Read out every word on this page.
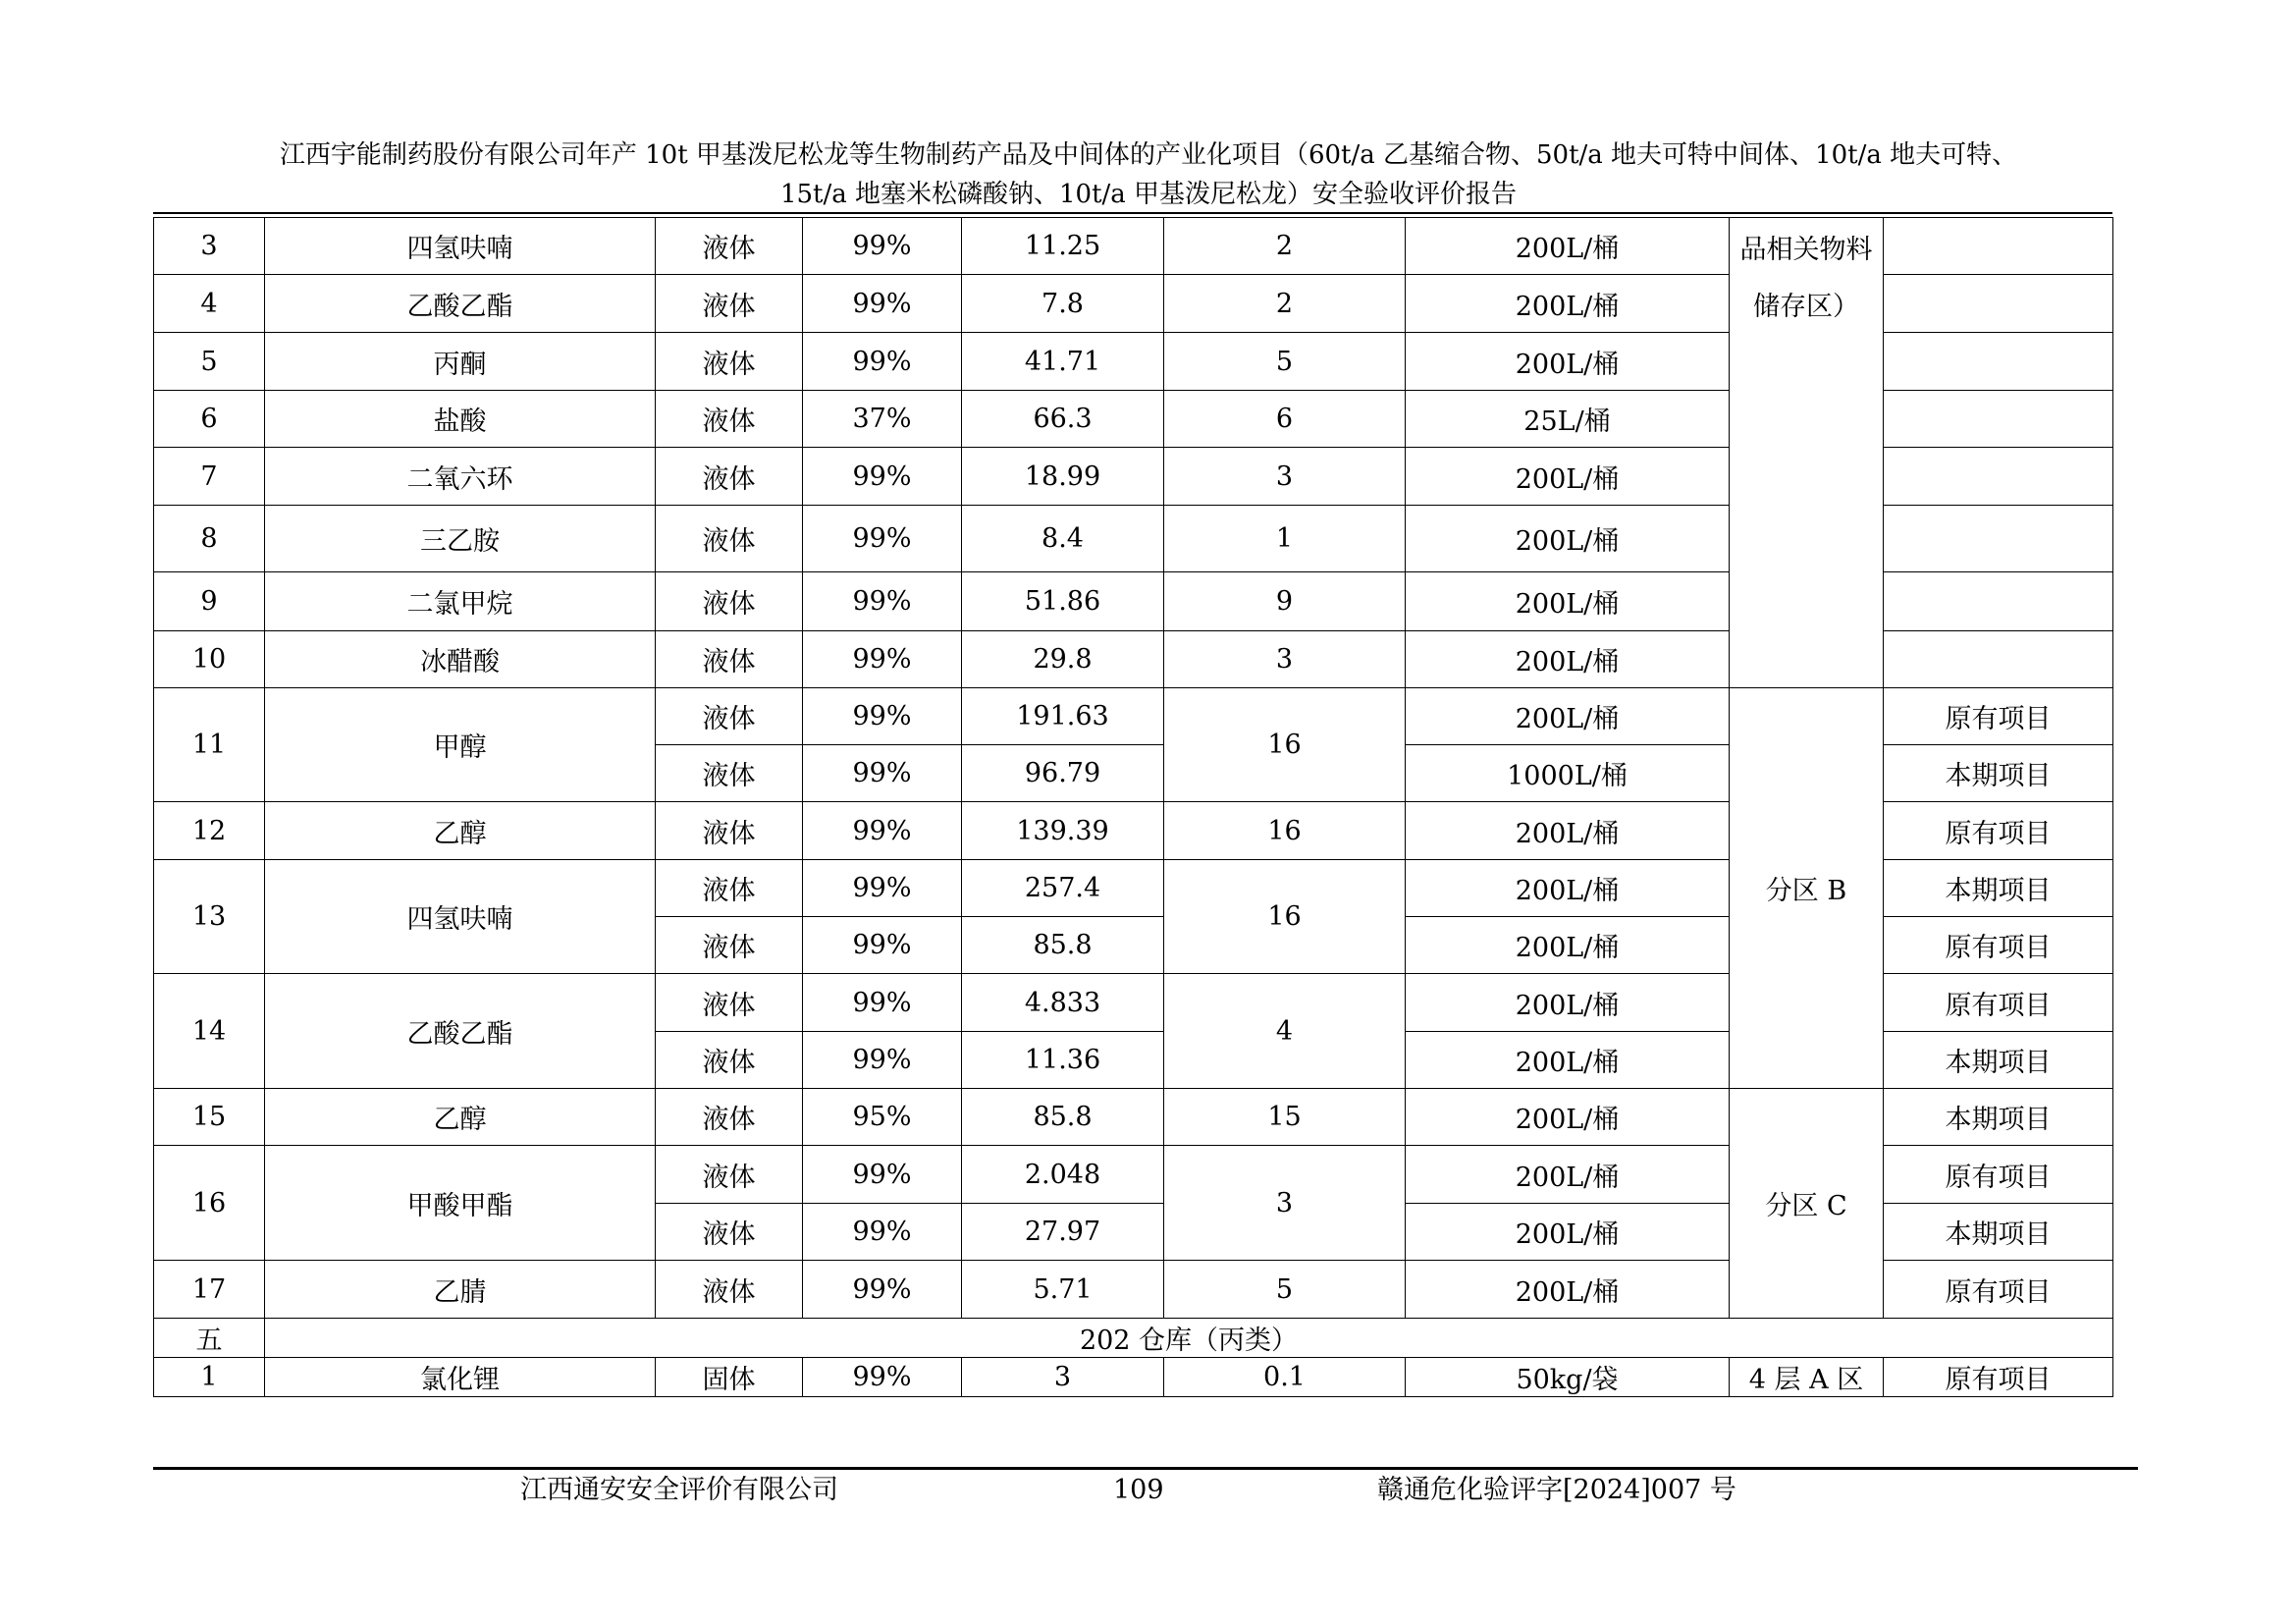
江西宇能制药股份有限公司年产 10t 甲基泼尼松龙等生物制药产品及中间体的产业化项目（60t/a 乙基缩合物、50t/a 地夫可特中间体、10t/a 地夫可特、
15t/a 地塞米松磷酸钠、10t/a 甲基泼尼松龙）安全验收评价报告
3	四氢呋喃	液体	99%	11.25	2	200L/桶	品相关物料储存区）	
4	乙酸乙酯	液体	99%	7.8	2	200L/桶		
5	丙酮	液体	99%	41.71	5	200L/桶		
6	盐酸	液体	37%	66.3	6	25L/桶		
7	二氧六环	液体	99%	18.99	3	200L/桶		
8	三乙胺	液体	99%	8.4	1	200L/桶		
9	二氯甲烷	液体	99%	51.86	9	200L/桶		
10	冰醋酸	液体	99%	29.8	3	200L/桶		
11	甲醇	液体	99%	191.63	16	200L/桶	分区 B	原有项目
		液体	99%	96.79		1000L/桶		本期项目
12	乙醇	液体	99%	139.39	16	200L/桶		原有项目
13	四氢呋喃	液体	99%	257.4	16	200L/桶		本期项目
		液体	99%	85.8		200L/桶		原有项目
14	乙酸乙酯	液体	99%	4.833	4	200L/桶		原有项目
		液体	99%	11.36		200L/桶		本期项目
15	乙醇	液体	95%	85.8	15	200L/桶	分区 C	本期项目
16	甲酸甲酯	液体	99%	2.048	3	200L/桶		原有项目
		液体	99%	27.97		200L/桶		本期项目
17	乙腈	液体	99%	5.71	5	200L/桶		原有项目
五	202 仓库（丙类）							
1	氯化锂	固体	99%	3	0.1	50kg/袋	4 层 A 区	原有项目
江西通安安全评价有限公司	109	赣通危化验评字[2024]007 号
